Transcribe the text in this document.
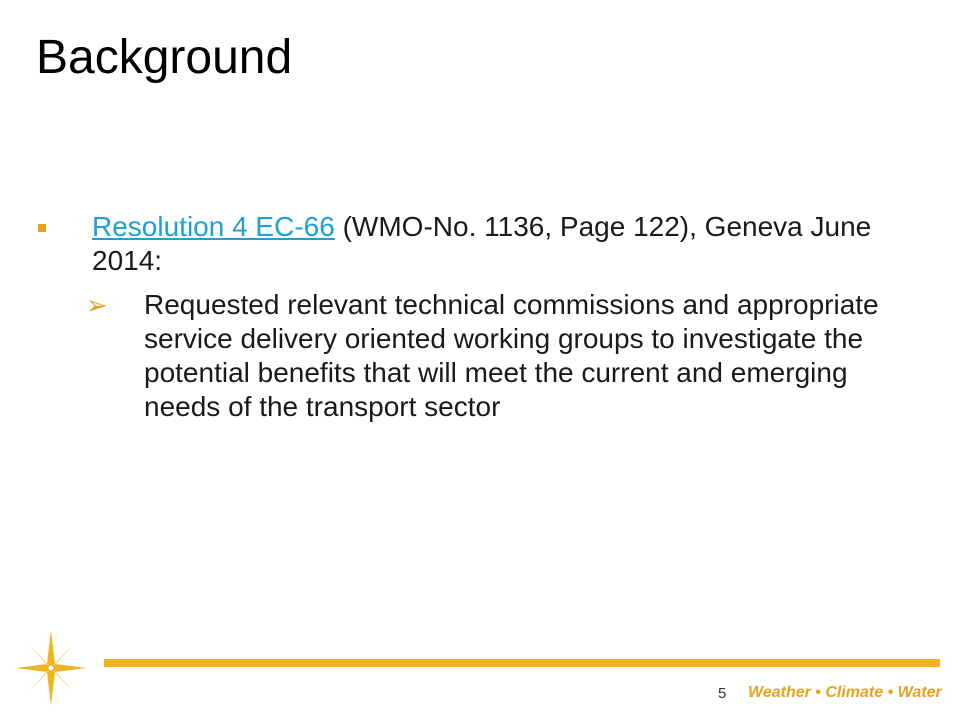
Background

Resolution 4 EC-66 (WMO-No. 1136, Page 122), Geneva June 2014:

➢ Requested relevant technical commissions and appropriate service delivery oriented working groups to investigate the potential benefits that will meet the current and emerging needs of the transport sector

5 Weather • Climate • Water
